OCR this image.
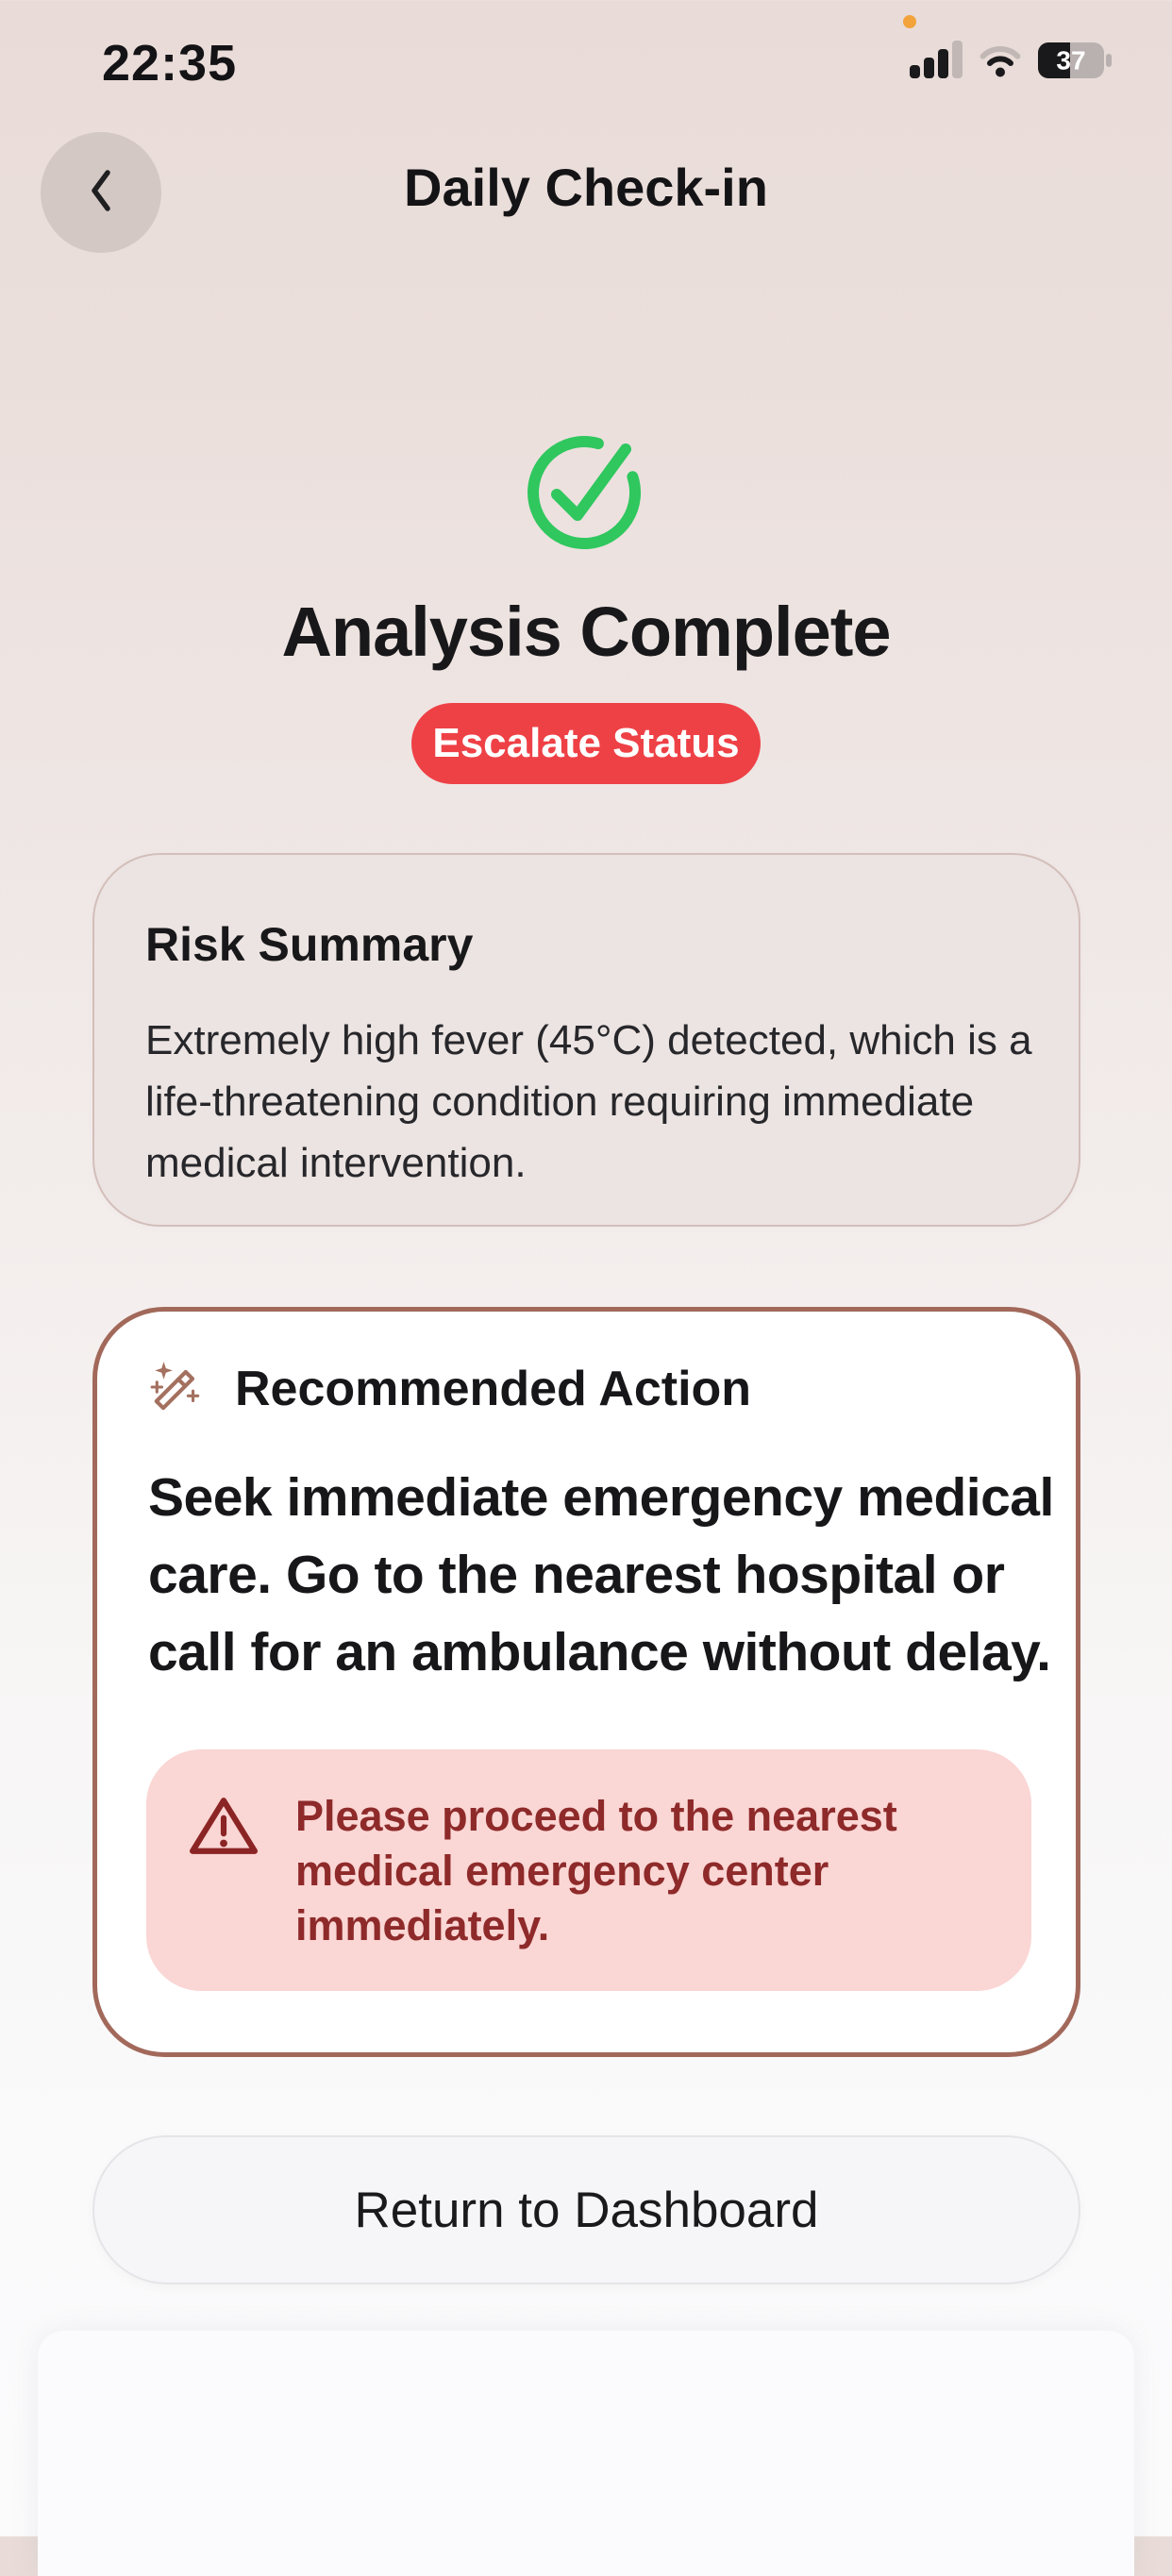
22:35	37
Daily Check-in
Analysis Complete
Escalate Status
Risk Summary
Extremely high fever (45°C) detected, which is a
life-threatening condition requiring immediate
medical intervention.
Recommended Action
Seek immediate emergency medical
care. Go to the nearest hospital or
call for an ambulance without delay.
Please proceed to the nearest
medical emergency center
immediately.
Return to Dashboard
